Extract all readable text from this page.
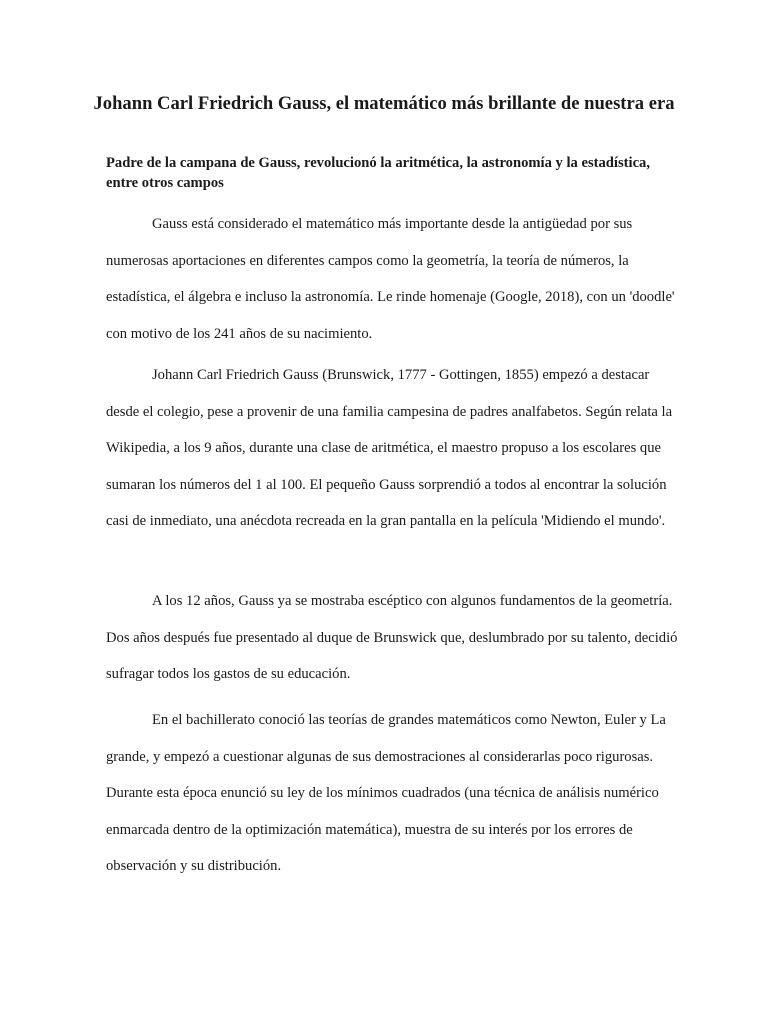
Johann Carl Friedrich Gauss, el matemático más brillante de nuestra era

Padre de la campana de Gauss, revolucionó la aritmética, la astronomía y la estadística, entre otros campos

Gauss está considerado el matemático más importante desde la antigüedad por sus numerosas aportaciones en diferentes campos como la geometría, la teoría de números, la estadística, el álgebra e incluso la astronomía. Le rinde homenaje (Google, 2018), con un 'doodle' con motivo de los 241 años de su nacimiento.

Johann Carl Friedrich Gauss (Brunswick, 1777 - Gottingen, 1855) empezó a destacar desde el colegio, pese a provenir de una familia campesina de padres analfabetos. Según relata la Wikipedia, a los 9 años, durante una clase de aritmética, el maestro propuso a los escolares que sumaran los números del 1 al 100. El pequeño Gauss sorprendió a todos al encontrar la solución casi de inmediato, una anécdota recreada en la gran pantalla en la película 'Midiendo el mundo'.

A los 12 años, Gauss ya se mostraba escéptico con algunos fundamentos de la geometría. Dos años después fue presentado al duque de Brunswick que, deslumbrado por su talento, decidió sufragar todos los gastos de su educación.

En el bachillerato conoció las teorías de grandes matemáticos como Newton, Euler y La grande, y empezó a cuestionar algunas de sus demostraciones al considerarlas poco rigurosas. Durante esta época enunció su ley de los mínimos cuadrados (una técnica de análisis numérico enmarcada dentro de la optimización matemática), muestra de su interés por los errores de observación y su distribución.
